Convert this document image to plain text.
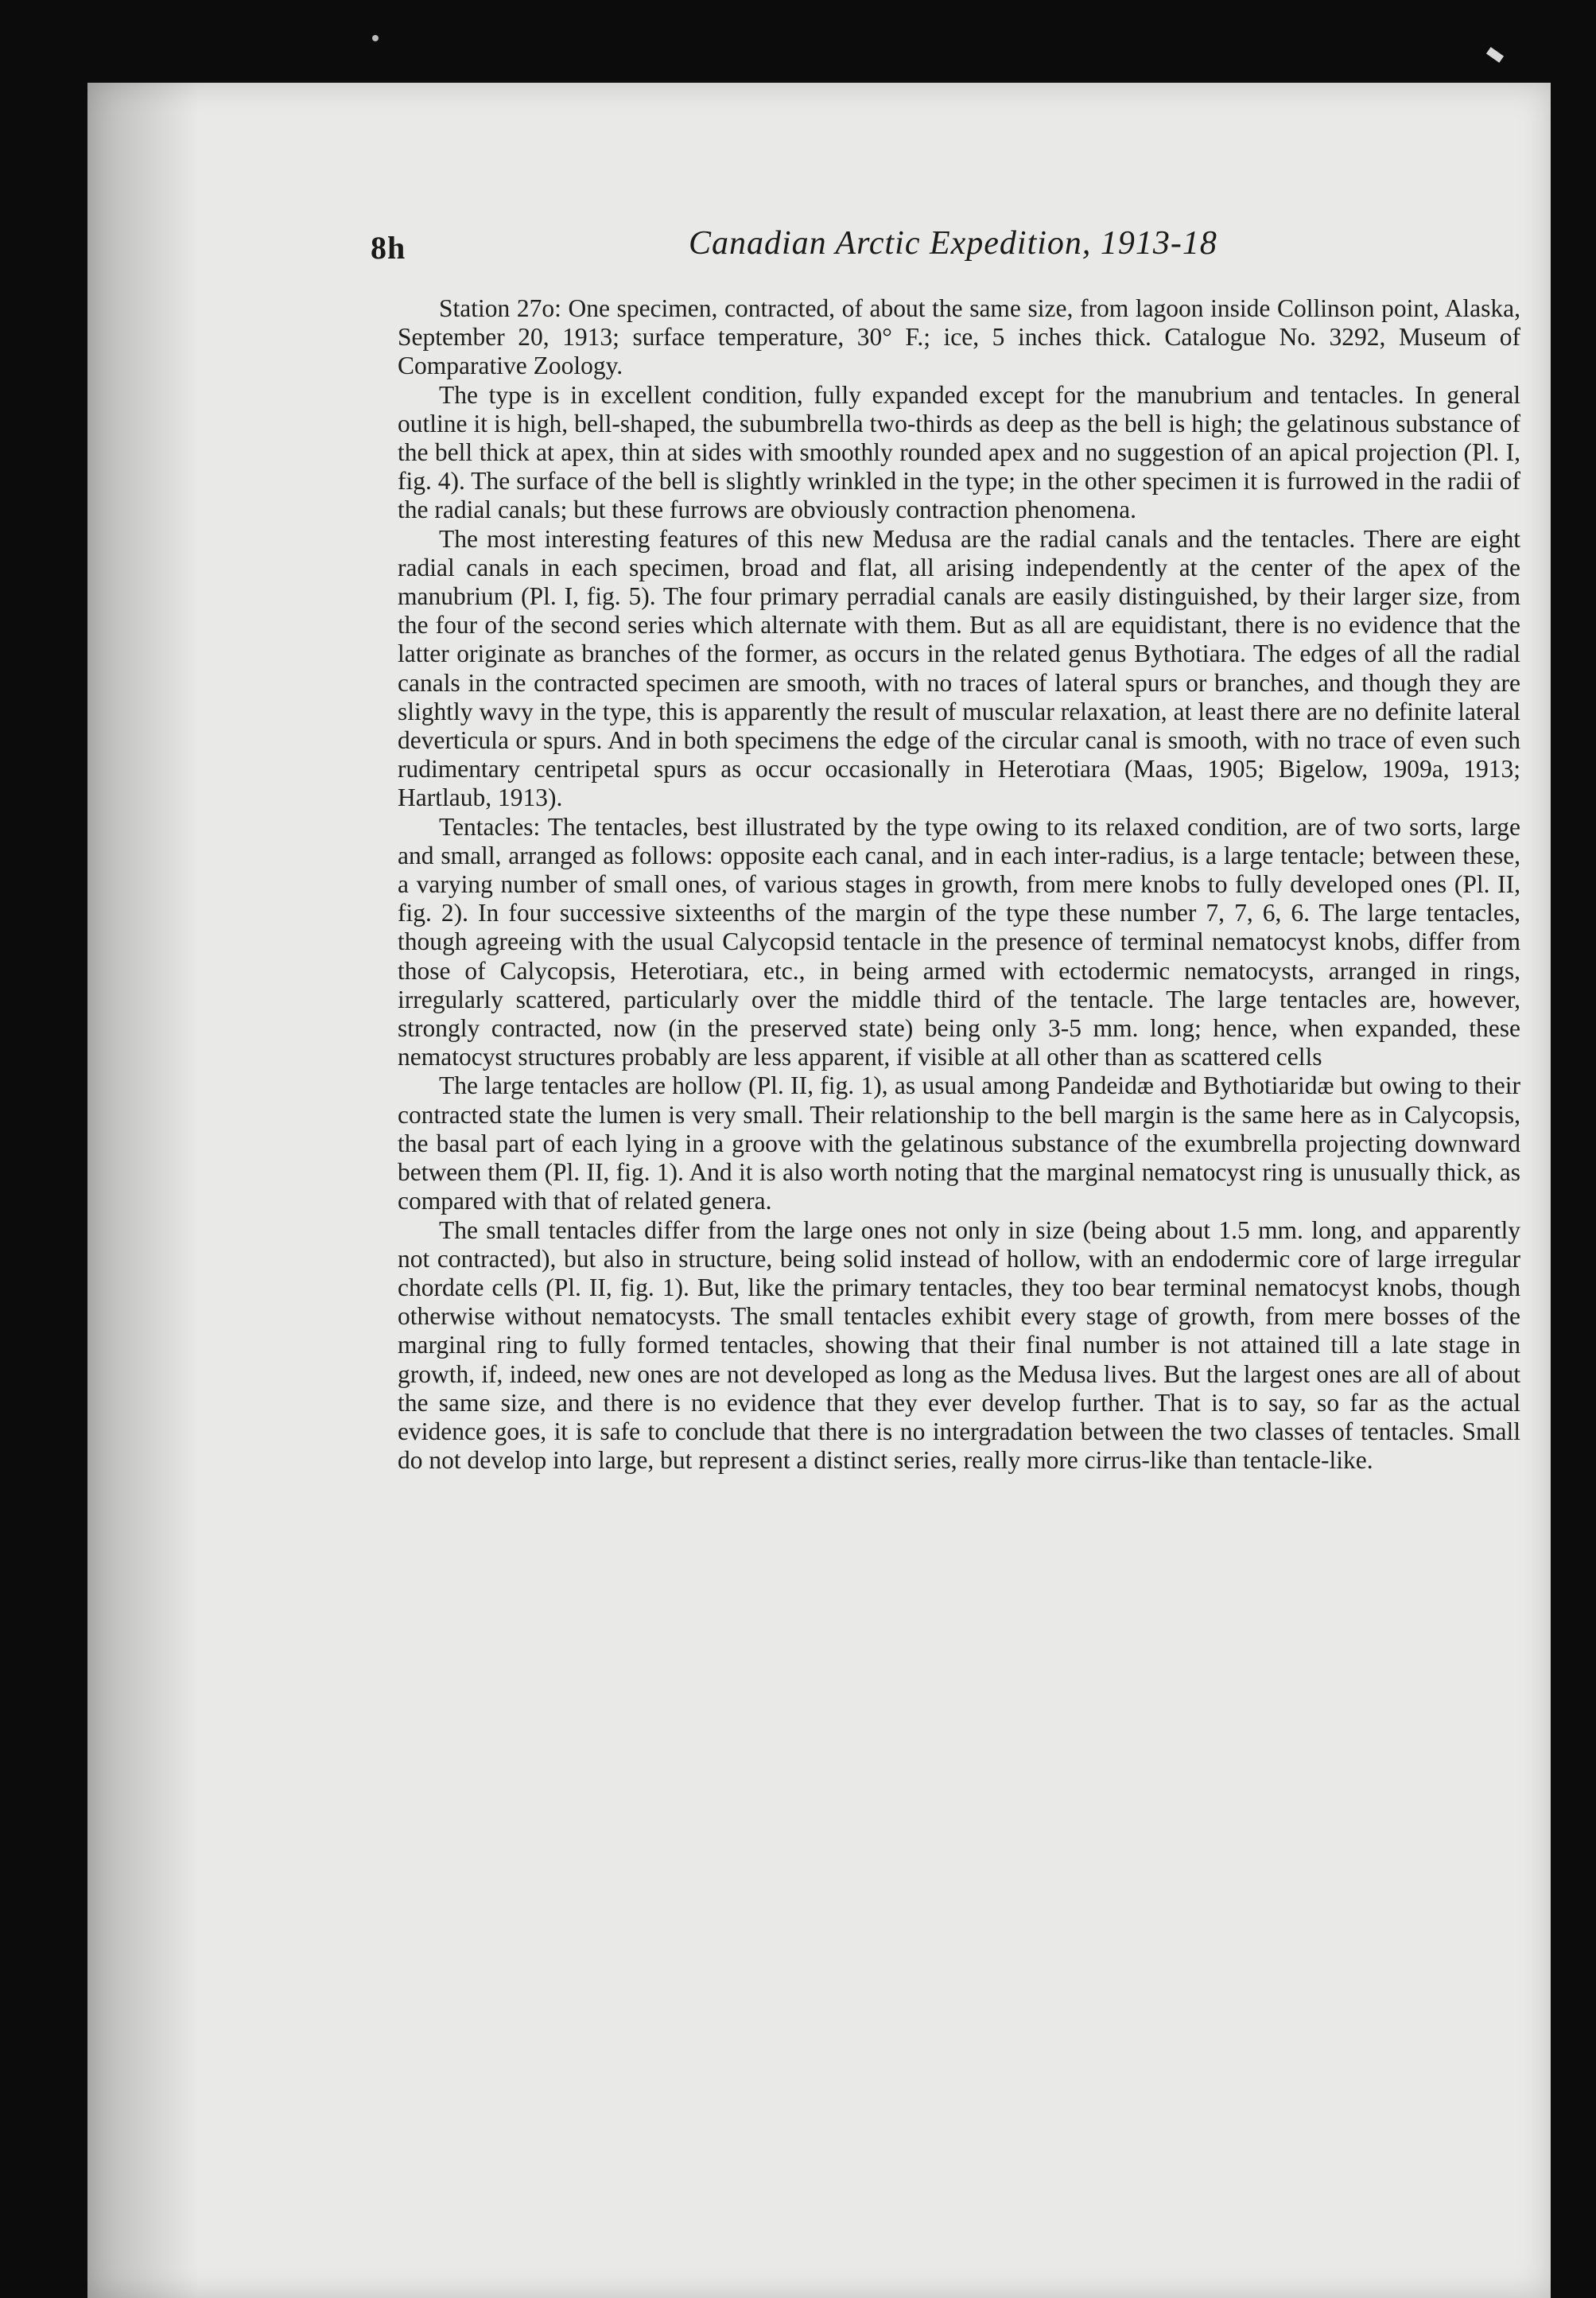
8h	Canadian Arctic Expedition, 1913-18

Station 27o: One specimen, contracted, of about the same size, from lagoon inside Collinson point, Alaska, September 20, 1913; surface temperature, 30° F.; ice, 5 inches thick. Catalogue No. 3292, Museum of Comparative Zoology.

The type is in excellent condition, fully expanded except for the manubrium and tentacles. In general outline it is high, bell-shaped, the subumbrella two-thirds as deep as the bell is high; the gelatinous substance of the bell thick at apex, thin at sides with smoothly rounded apex and no suggestion of an apical projection (Pl. I, fig. 4). The surface of the bell is slightly wrinkled in the type; in the other specimen it is furrowed in the radii of the radial canals; but these furrows are obviously contraction phenomena.

The most interesting features of this new Medusa are the radial canals and the tentacles. There are eight radial canals in each specimen, broad and flat, all arising independently at the center of the apex of the manubrium (Pl. I, fig. 5). The four primary perradial canals are easily distinguished, by their larger size, from the four of the second series which alternate with them. But as all are equidistant, there is no evidence that the latter originate as branches of the former, as occurs in the related genus Bythotiara. The edges of all the radial canals in the contracted specimen are smooth, with no traces of lateral spurs or branches, and though they are slightly wavy in the type, this is apparently the result of muscular relaxation, at least there are no definite lateral deverticula or spurs. And in both specimens the edge of the circular canal is smooth, with no trace of even such rudimentary centripetal spurs as occur occasionally in Heterotiara (Maas, 1905; Bigelow, 1909a, 1913; Hartlaub, 1913).

Tentacles: The tentacles, best illustrated by the type owing to its relaxed condition, are of two sorts, large and small, arranged as follows: opposite each canal, and in each inter-radius, is a large tentacle; between these, a varying number of small ones, of various stages in growth, from mere knobs to fully developed ones (Pl. II, fig. 2). In four successive sixteenths of the margin of the type these number 7, 7, 6, 6. The large tentacles, though agreeing with the usual Calycopsid tentacle in the presence of terminal nematocyst knobs, differ from those of Calycopsis, Heterotiara, etc., in being armed with ectodermic nematocysts, arranged in rings, irregularly scattered, particularly over the middle third of the tentacle. The large tentacles are, however, strongly contracted, now (in the preserved state) being only 3-5 mm. long; hence, when expanded, these nematocyst structures probably are less apparent, if visible at all other than as scattered cells

The large tentacles are hollow (Pl. II, fig. 1), as usual among Pandeidæ and Bythotiaridæ but owing to their contracted state the lumen is very small. Their relationship to the bell margin is the same here as in Calycopsis, the basal part of each lying in a groove with the gelatinous substance of the exumbrella projecting downward between them (Pl. II, fig. 1). And it is also worth noting that the marginal nematocyst ring is unusually thick, as compared with that of related genera.

The small tentacles differ from the large ones not only in size (being about 1.5 mm. long, and apparently not contracted), but also in structure, being solid instead of hollow, with an endodermic core of large irregular chordate cells (Pl. II, fig. 1). But, like the primary tentacles, they too bear terminal nematocyst knobs, though otherwise without nematocysts. The small tentacles exhibit every stage of growth, from mere bosses of the marginal ring to fully formed tentacles, showing that their final number is not attained till a late stage in growth, if, indeed, new ones are not developed as long as the Medusa lives. But the largest ones are all of about the same size, and there is no evidence that they ever develop further. That is to say, so far as the actual evidence goes, it is safe to conclude that there is no intergradation between the two classes of tentacles. Small do not develop into large, but represent a distinct series, really more cirrus-like than tentacle-like.
